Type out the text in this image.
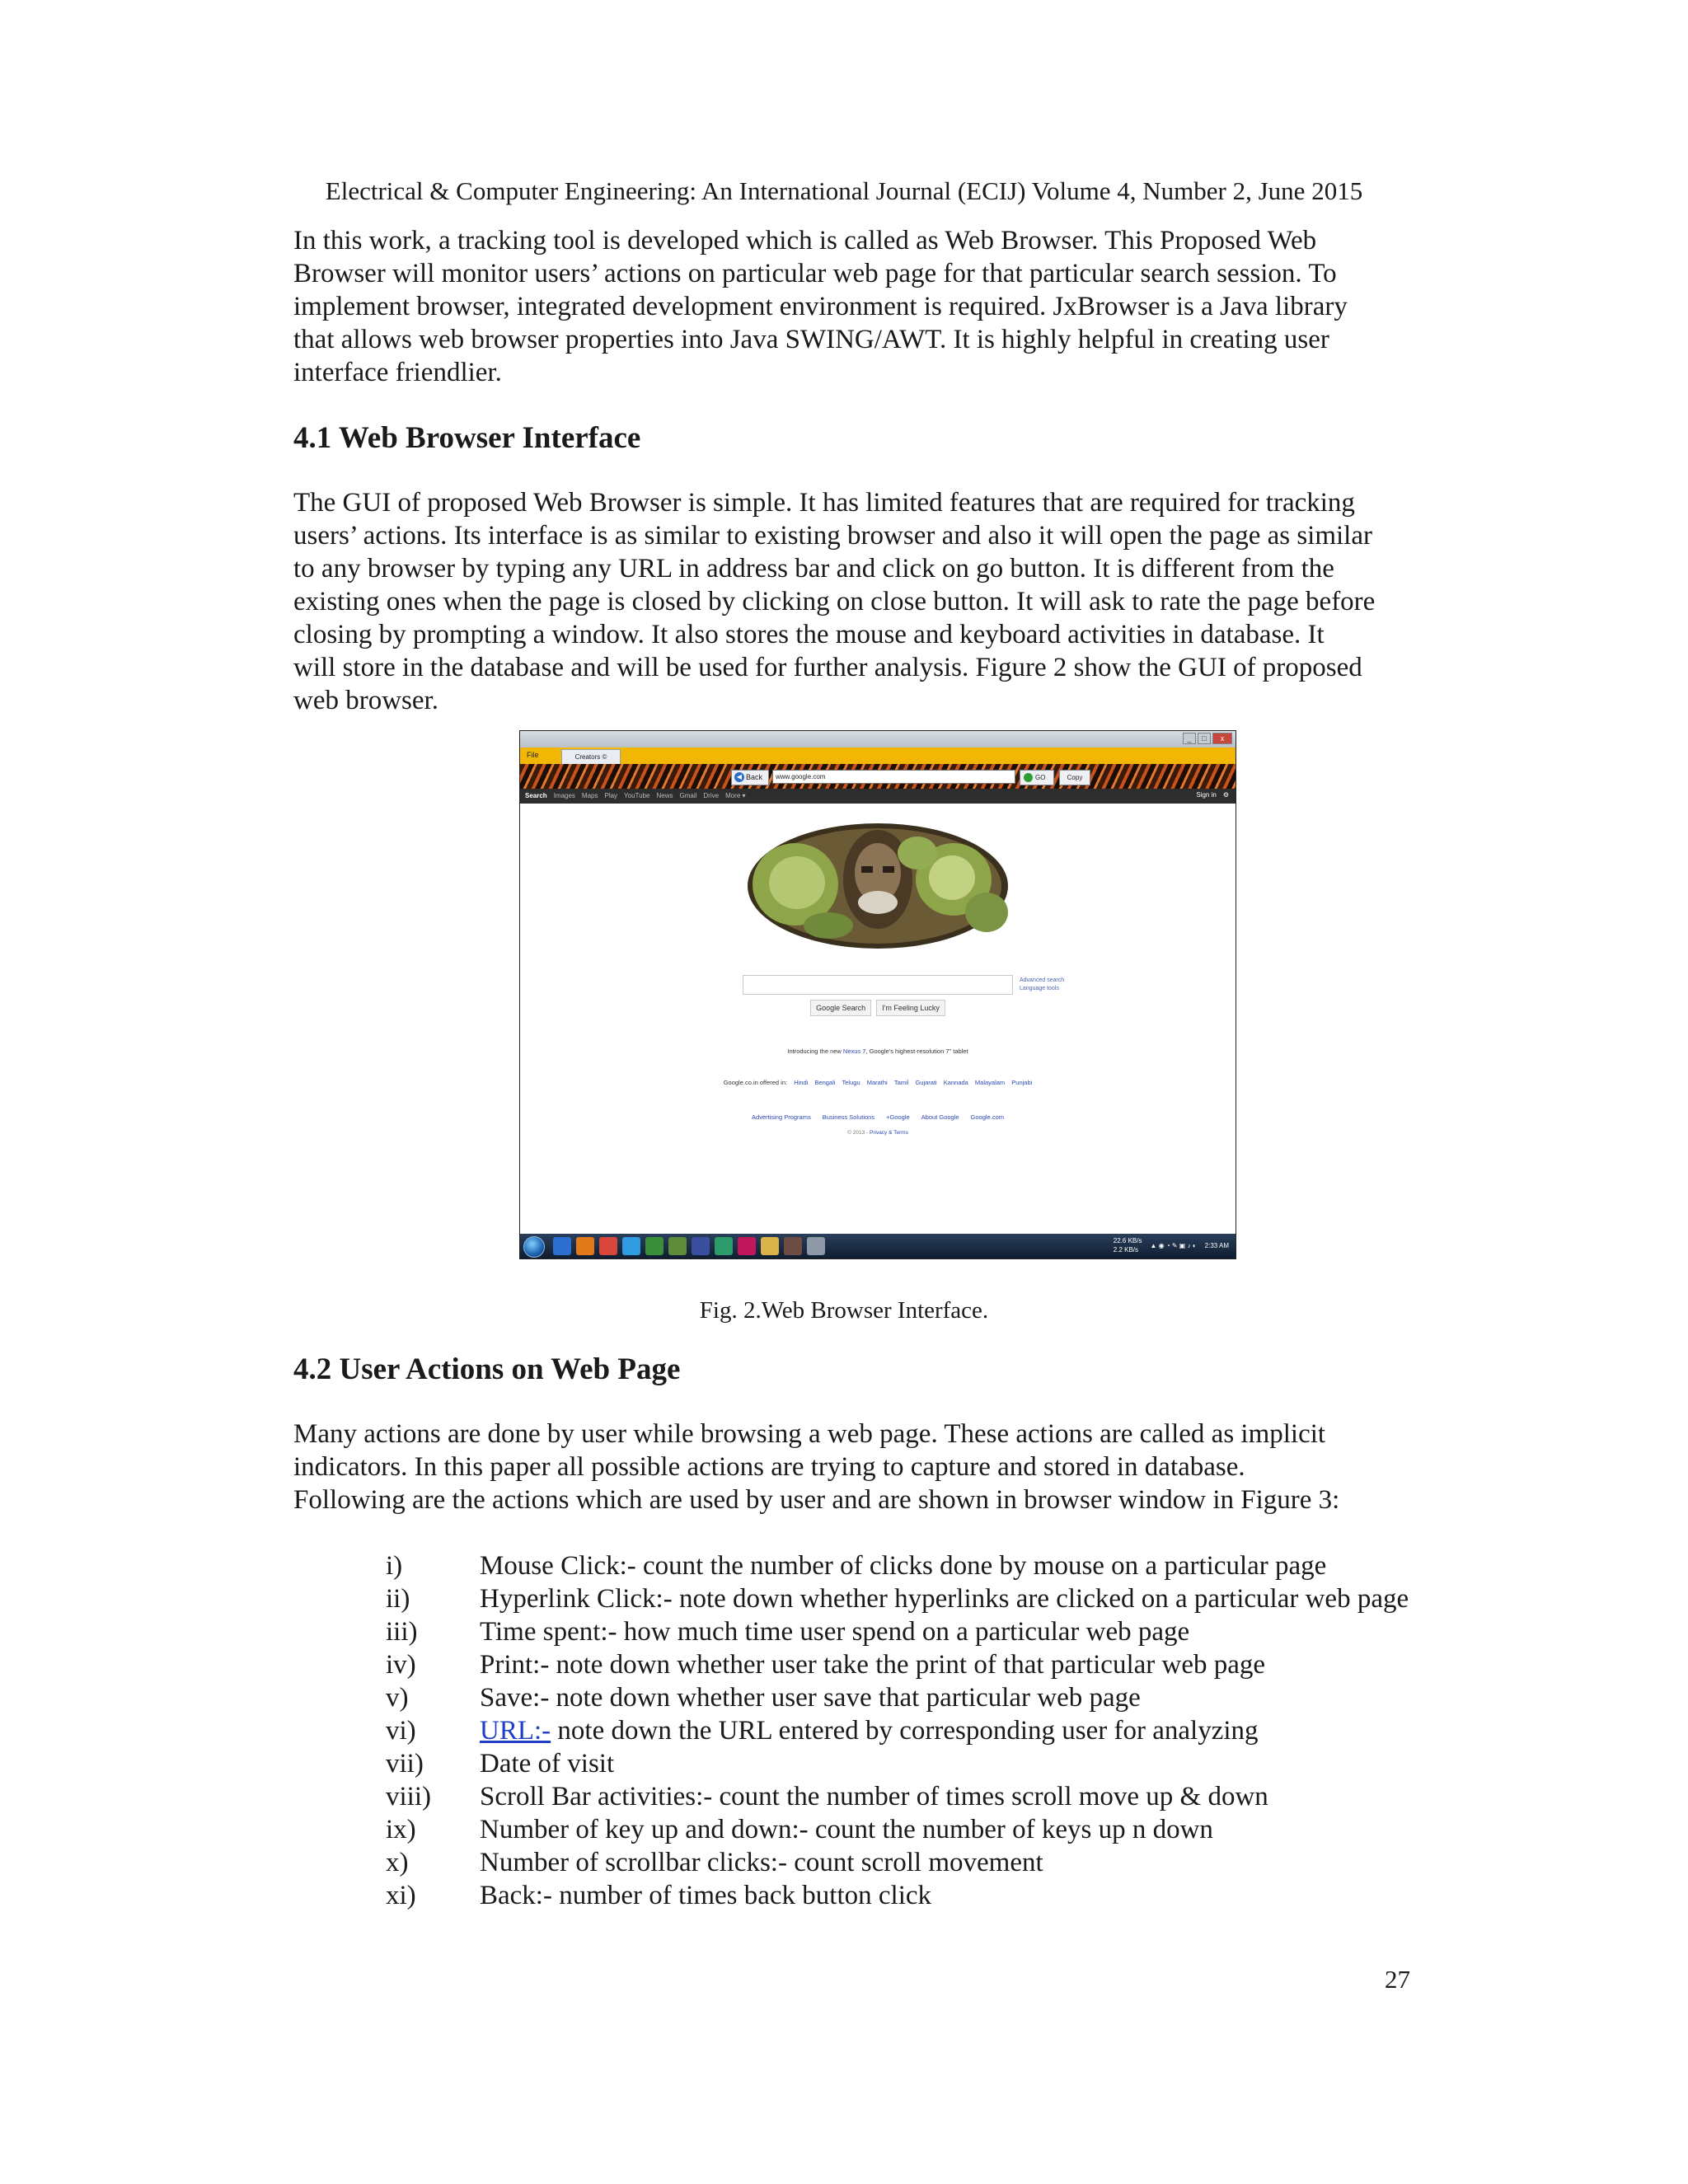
Electrical & Computer Engineering: An International Journal (ECIJ) Volume 4, Number 2, June 2015

In this work, a tracking tool is developed which is called as Web Browser. This Proposed Web

Browser will monitor users’ actions on particular web page for that particular search session. To

implement browser, integrated development environment is required. JxBrowser is a Java library

that allows web browser properties into Java SWING/AWT. It is highly helpful in creating user

interface friendlier.

4.1 Web Browser Interface

The GUI of proposed Web Browser is simple. It has limited features that are required for tracking

users’ actions. Its interface is as similar to existing browser and also it will open the page as similar

to any browser by typing any URL in address bar and click on go button. It is different from the

existing ones when the page is closed by clicking on close button. It will ask to rate the page before

closing by prompting a window. It also stores the mouse and keyboard activities in database. It

will store in the database and will be used for further analysis. Figure 2 show the GUI of proposed

web browser.

_	□	x
File	Creators ©
◀ Back	www.google.com	GO	Copy
Search Images Maps Play YouTube News Gmail Drive More ▾	Sign in ⚙
Advanced search
Language tools
Google Search	I'm Feeling Lucky
Introducing the new Nexus 7, Google's highest-resolution 7" tablet
Google.co.in offered in: Hindi Bengali Telugu Marathi Tamil Gujarati Kannada Malayalam Punjabi
Advertising Programs Business Solutions +Google About Google Google.com
© 2013 - Privacy & Terms
22.6 KB/s
2.2 KB/s
▲ ◉ ◔ ✎ ▣ ♪ ◐ 2:33 AM
Fig. 2.Web Browser Interface.
4.2 User Actions on Web Page

Many actions are done by user while browsing a web page. These actions are called as implicit

indicators. In this paper all possible actions are trying to capture and stored in database.

Following are the actions which are used by user and are shown in browser window in Figure 3:

i)	Mouse Click:- count the number of clicks done by mouse on a particular page
ii)	Hyperlink Click:- note down whether hyperlinks are clicked on a particular web page
iii) Time spent:- how much time user spend on a particular web page
iv) Print:- note down whether user take the print of that particular web page
v)	Save:- note down whether user save that particular web page
vi) URL:- note down the URL entered by corresponding user for analyzing
vii) Date of visit
viii) Scroll Bar activities:- count the number of times scroll move up & down
ix) Number of key up and down:- count the number of keys up n down
x)	Number of scrollbar clicks:- count scroll movement
xi) Back:- number of times back button click
27
